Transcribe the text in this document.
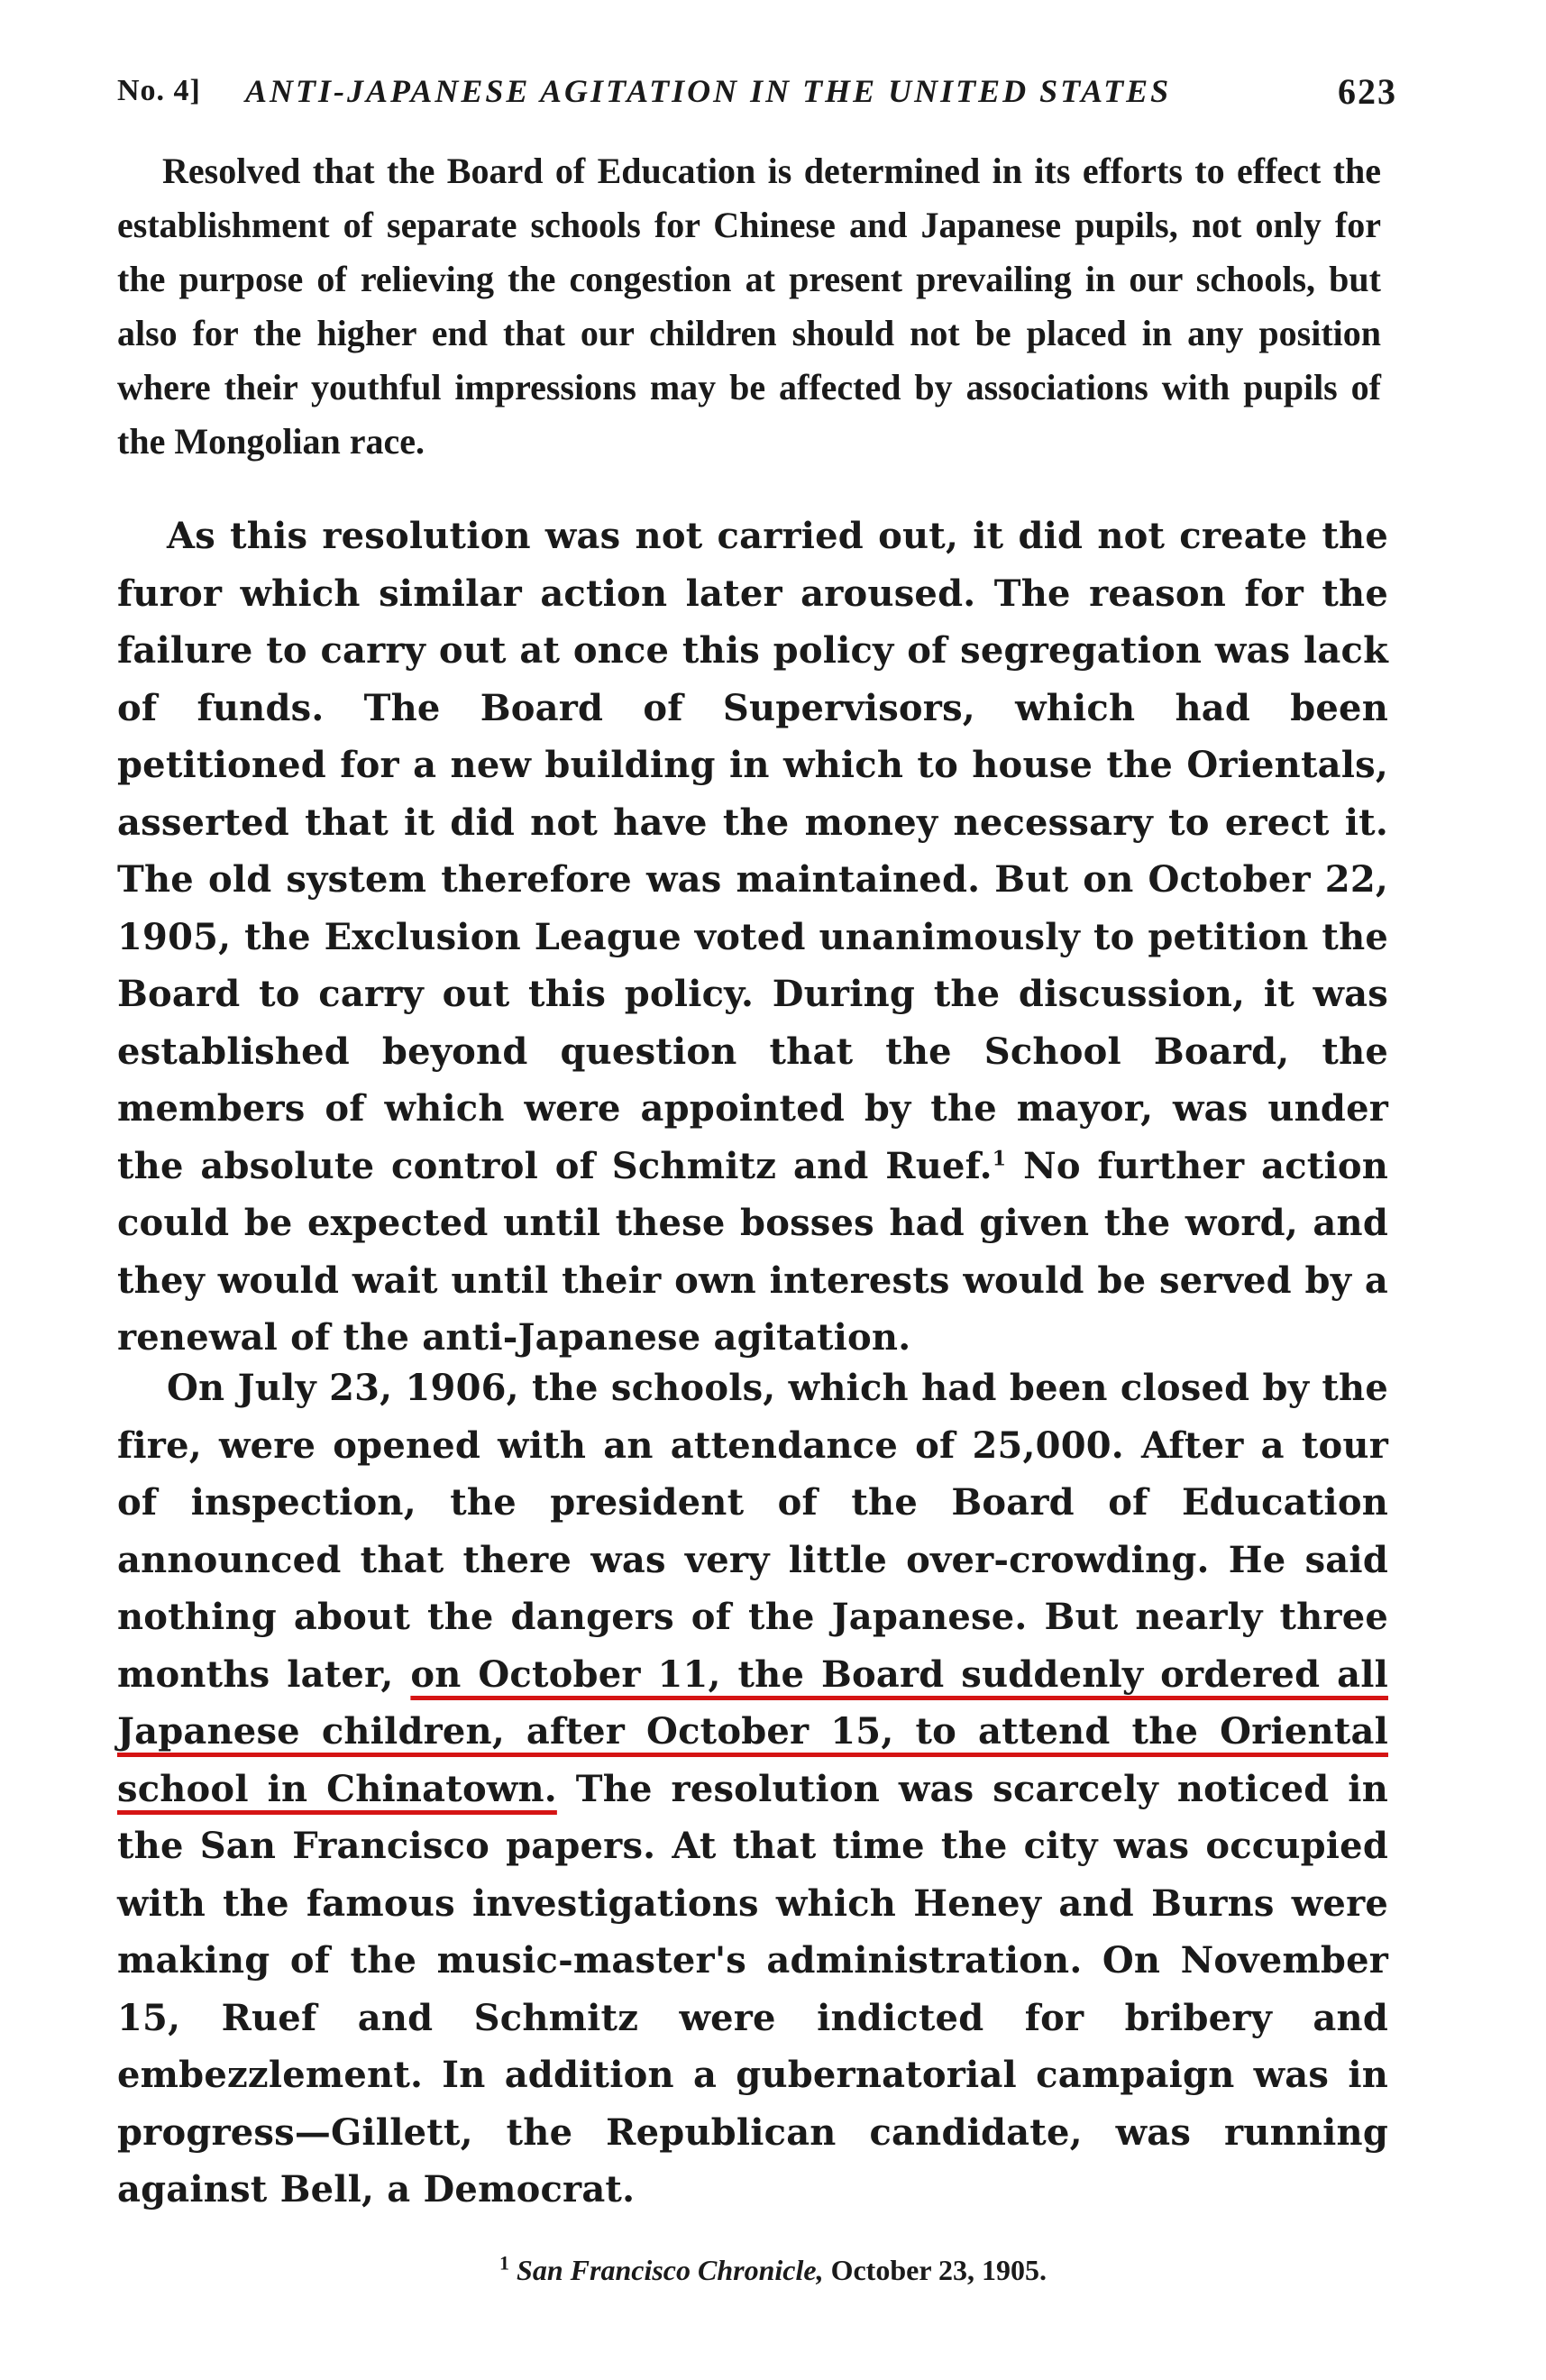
No. 4] ANTI-JAPANESE AGITATION IN THE UNITED STATES	623

Resolved that the Board of Education is determined in its efforts to effect the establishment of separate schools for Chinese and Japanese pupils, not only for the purpose of relieving the congestion at present prevailing in our schools, but also for the higher end that our children should not be placed in any position where their youthful impressions may be affected by associations with pupils of the Mongolian race.

As this resolution was not carried out, it did not create the furor which similar action later aroused. The reason for the failure to carry out at once this policy of segregation was lack of funds. The Board of Supervisors, which had been petitioned for a new building in which to house the Orientals, asserted that it did not have the money necessary to erect it. The old system therefore was maintained. But on October 22, 1905, the Exclusion League voted unanimously to petition the Board to carry out this policy. During the discussion, it was established beyond question that the School Board, the members of which were appointed by the mayor, was under the absolute control of Schmitz and Ruef.$^1$ No further action could be expected until these bosses had given the word, and they would wait until their own interests would be served by a renewal of the anti-Japanese agitation.

On July 23, 1906, the schools, which had been closed by the fire, were opened with an attendance of 25,000. After a tour of inspection, the president of the Board of Education announced that there was very little over-crowding. He said nothing about the dangers of the Japanese. But nearly three months later, on October 11, the Board suddenly ordered all Japanese children, after October 15, to attend the Oriental school in Chinatown. The resolution was scarcely noticed in the San Francisco papers. At that time the city was occupied with the famous investigations which Heney and Burns were making of the music-master's administration. On November 15, Ruef and Schmitz were indicted for bribery and embezzlement. In addition a gubernatorial campaign was in progress—Gillett, the Republican candidate, was running against Bell, a Democrat.

$^1$ San Francisco Chronicle, October 23, 1905.
